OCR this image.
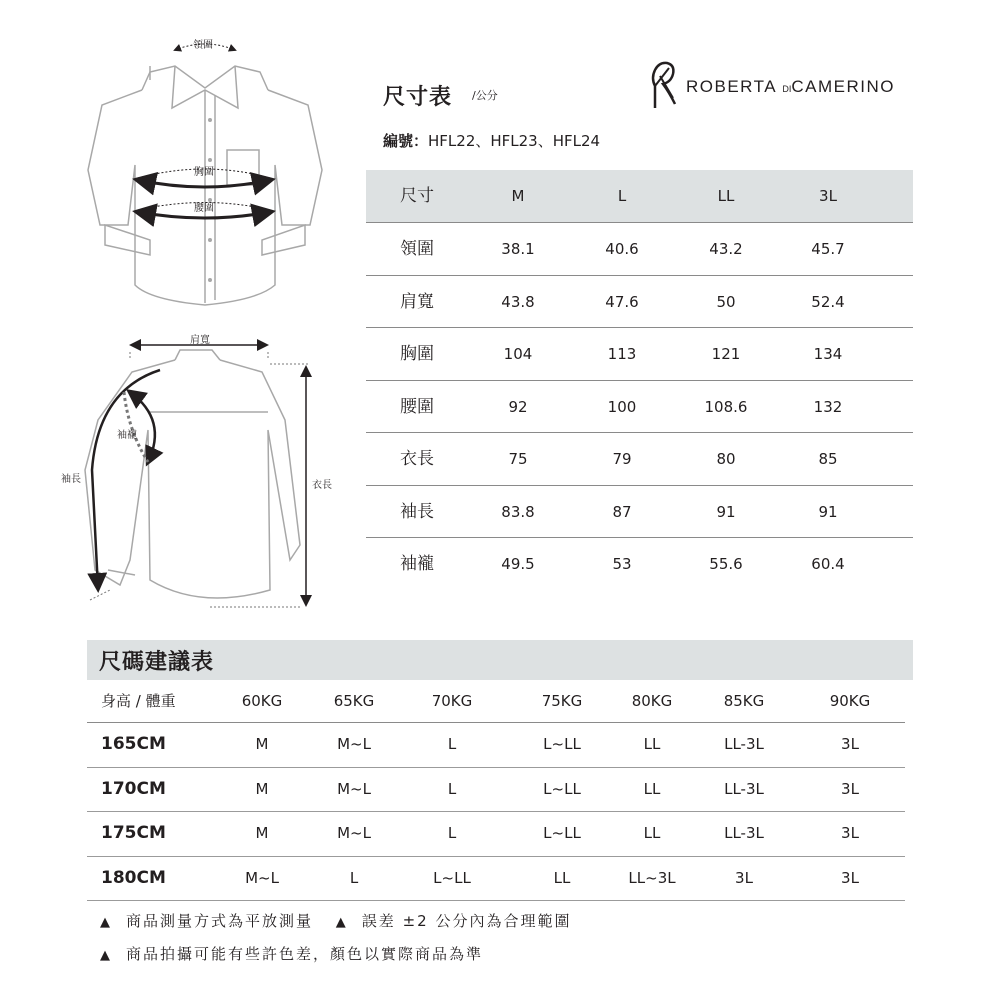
領圍
胸圍
腰圍
肩寬
袖襱
袖長
衣長
尺寸表 /公分	ROBERTA DICAMERINO
編號：HFL22、HFL23、HFL24
尺寸	M	L	LL	3L
領圍	38.1	40.6	43.2	45.7
肩寬	43.8	47.6	50	52.4
胸圍	104	113	121	134
腰圍	92	100	108.6	132
衣長	75	79	80	85
袖長	83.8	87	91	91
袖襱	49.5	53	55.6	60.4
尺碼建議表
身高 / 體重	60KG	65KG	70KG	75KG	80KG	85KG	90KG
165CM	M	M~L	L	L~LL	LL	LL-3L	3L
170CM	M	M~L	L	L~LL	LL	LL-3L	3L
175CM	M	M~L	L	L~LL	LL	LL-3L	3L
180CM	M~L	L	L~LL	LL	LL~3L	3L	3L
▲ 商品測量方式為平放測量 ▲ 誤差 ±2 公分內為合理範圍
▲ 商品拍攝可能有些許色差，顏色以實際商品為準
